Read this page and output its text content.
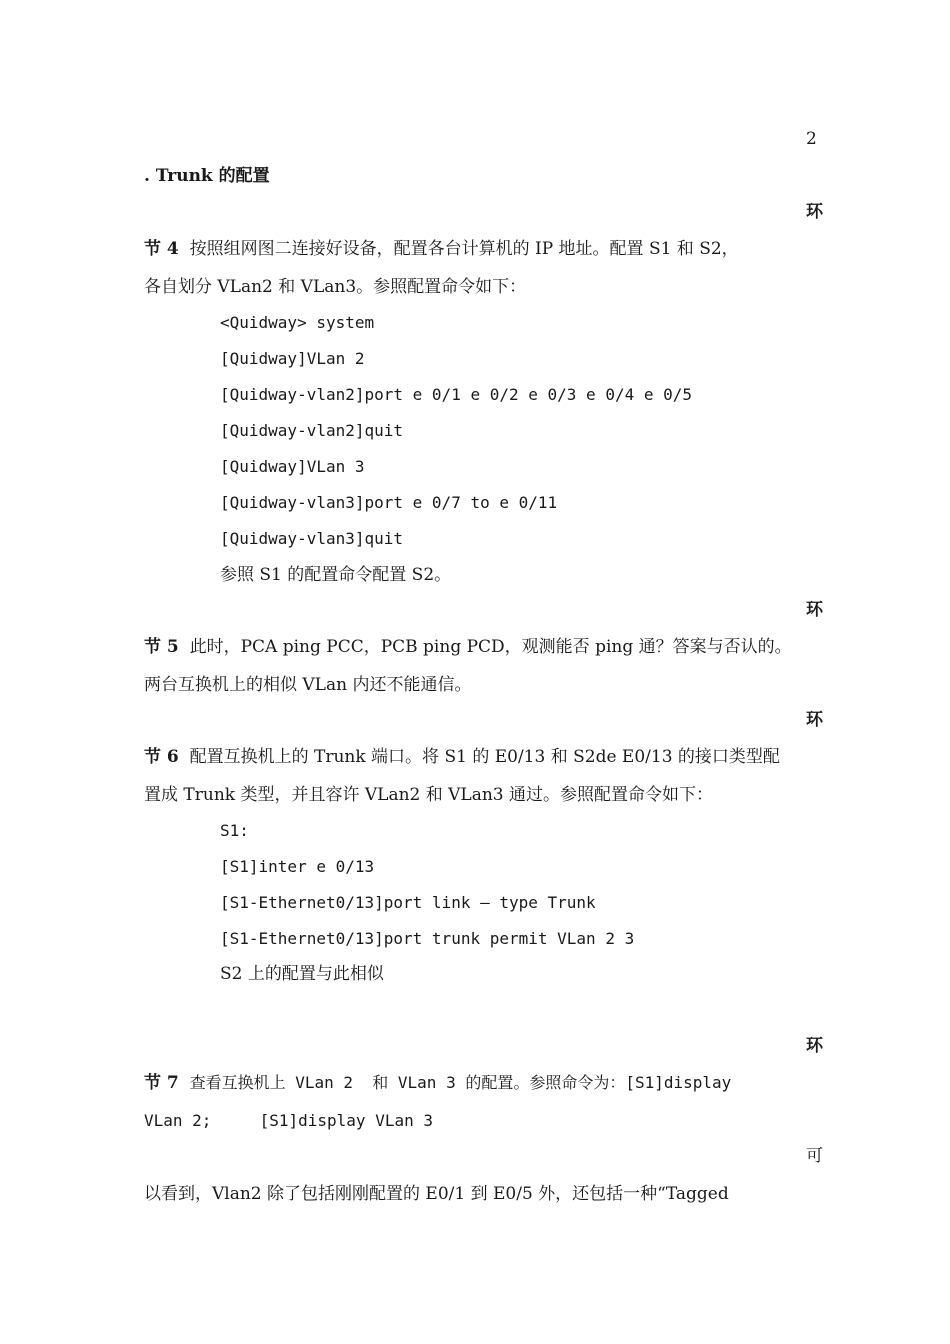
2
. Trunk 的配置
环
节 4 按照组网图二连接好设备，配置各台计算机的 IP 地址。配置 S1 和 S2，
各自划分 VLan2 和 VLan3。参照配置命令如下：
<Quidway> system
[Quidway]VLan 2
[Quidway-vlan2]port e 0/1 e 0/2 e 0/3 e 0/4 e 0/5
[Quidway-vlan2]quit
[Quidway]VLan 3
[Quidway-vlan3]port e 0/7 to e 0/11
[Quidway-vlan3]quit
参照 S1 的配置命令配置 S2。
环
节 5 此时，PCA ping PCC，PCB ping PCD，观测能否 ping 通？答案与否认的。
两台互换机上的相似 VLan 内还不能通信。
环
节 6 配置互换机上的 Trunk 端口。将 S1 的 E0/13 和 S2de E0/13 的接口类型配
置成 Trunk 类型，并且容许 VLan2 和 VLan3 通过。参照配置命令如下：
S1:
[S1]inter e 0/13
[S1-Ethernet0/13]port link – type Trunk
[S1-Ethernet0/13]port trunk permit VLan 2 3
S2 上的配置与此相似
环
节 7 查看互换机上 VLan 2  和 VLan 3 的配置。参照命令为：[S1]display
VLan 2;     [S1]display VLan 3
可
以看到，Vlan2 除了包括刚刚配置的 E0/1 到 E0/5 外，还包括一种“Tagged
